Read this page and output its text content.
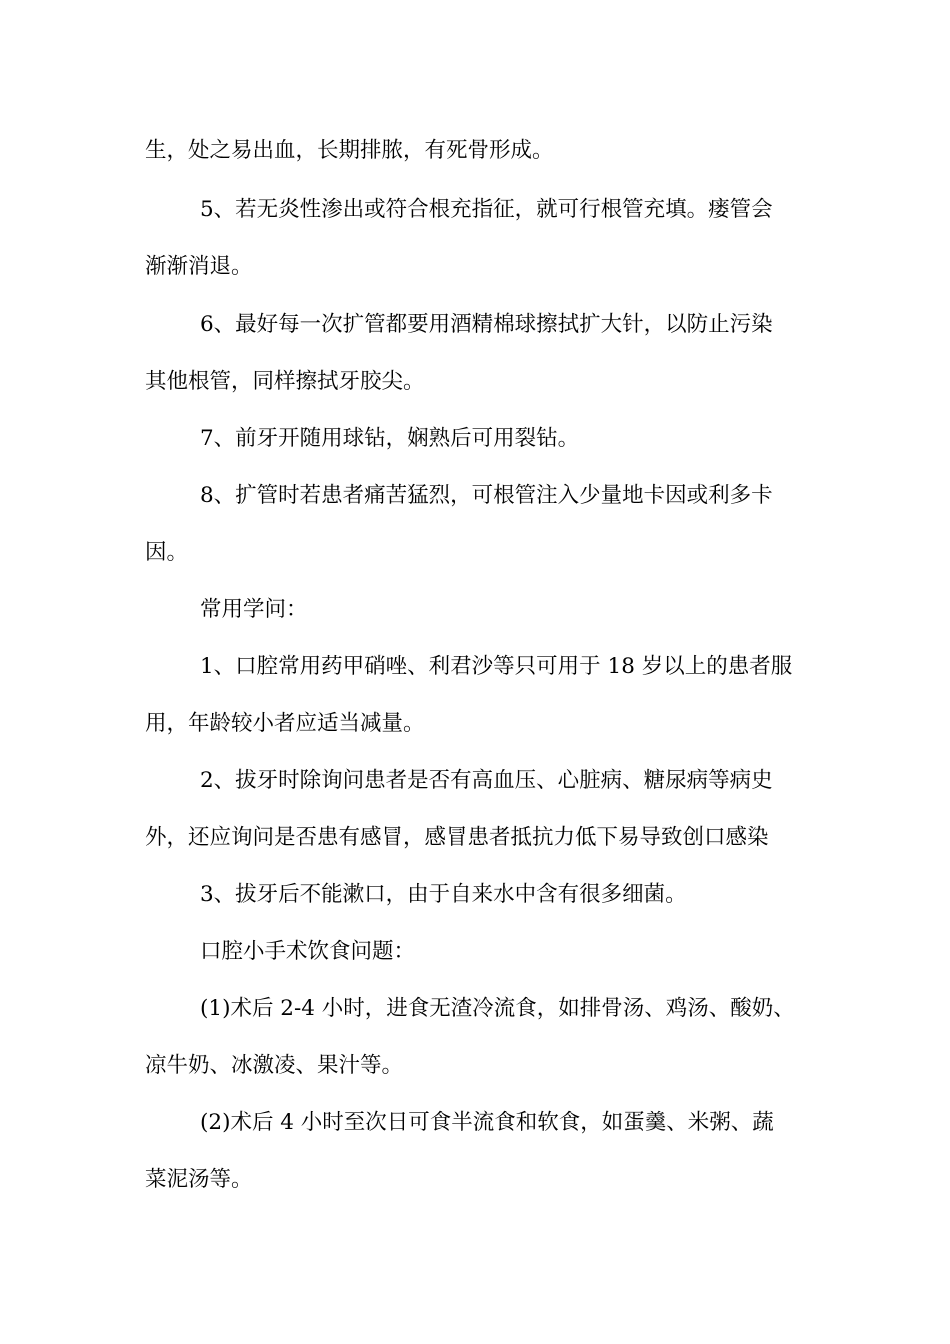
生，处之易出血，长期排脓，有死骨形成。
5、若无炎性渗出或符合根充指征，就可行根管充填。瘘管会
渐渐消退。
6、最好每一次扩管都要用酒精棉球擦拭扩大针，以防止污染
其他根管，同样擦拭牙胶尖。
7、前牙开随用球钻，娴熟后可用裂钻。
8、扩管时若患者痛苦猛烈，可根管注入少量地卡因或利多卡
因。
常用学问：
1、口腔常用药甲硝唑、利君沙等只可用于 18 岁以上的患者服
用，年龄较小者应适当减量。
2、拔牙时除询问患者是否有高血压、心脏病、糖尿病等病史
外，还应询问是否患有感冒，感冒患者抵抗力低下易导致创口感染
3、拔牙后不能漱口，由于自来水中含有很多细菌。
口腔小手术饮食问题：
(1)术后 2-4 小时，进食无渣冷流食，如排骨汤、鸡汤、酸奶、
凉牛奶、冰激凌、果汁等。
(2)术后 4 小时至次日可食半流食和软食，如蛋羹、米粥、蔬
菜泥汤等。
